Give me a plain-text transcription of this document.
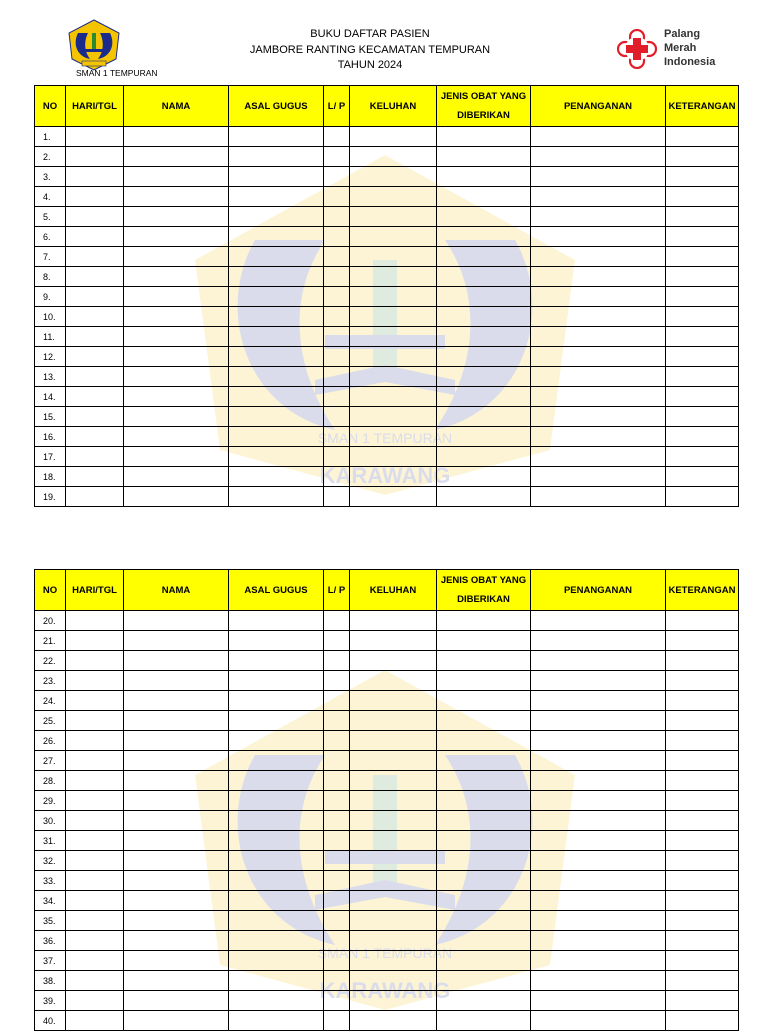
SMAN 1 TEMPURAN
KARAWANG
SMAN 1 TEMPURAN
KARAWANG
SMAN 1 TEMPURAN
BUKU DAFTAR PASIEN
JAMBORE RANTING KECAMATAN TEMPURAN
TAHUN 2024
Palang
Merah
Indonesia
NO	HARI/TGL	NAMA	ASAL GUGUS	L/ P	KELUHAN	JENIS OBAT YANG DIBERIKAN	PENANGANAN	KETERANGAN
1.								
2.								
3.								
4.								
5.								
6.								
7.								
8.								
9.								
10.								
11.								
12.								
13.								
14.								
15.								
16.								
17.								
18.								
19.								
NO	HARI/TGL	NAMA	ASAL GUGUS	L/ P	KELUHAN	JENIS OBAT YANG DIBERIKAN	PENANGANAN	KETERANGAN
20.								
21.								
22.								
23.								
24.								
25.								
26.								
27.								
28.								
29.								
30.								
31.								
32.								
33.								
34.								
35.								
36.								
37.								
38.								
39.								
40.								
